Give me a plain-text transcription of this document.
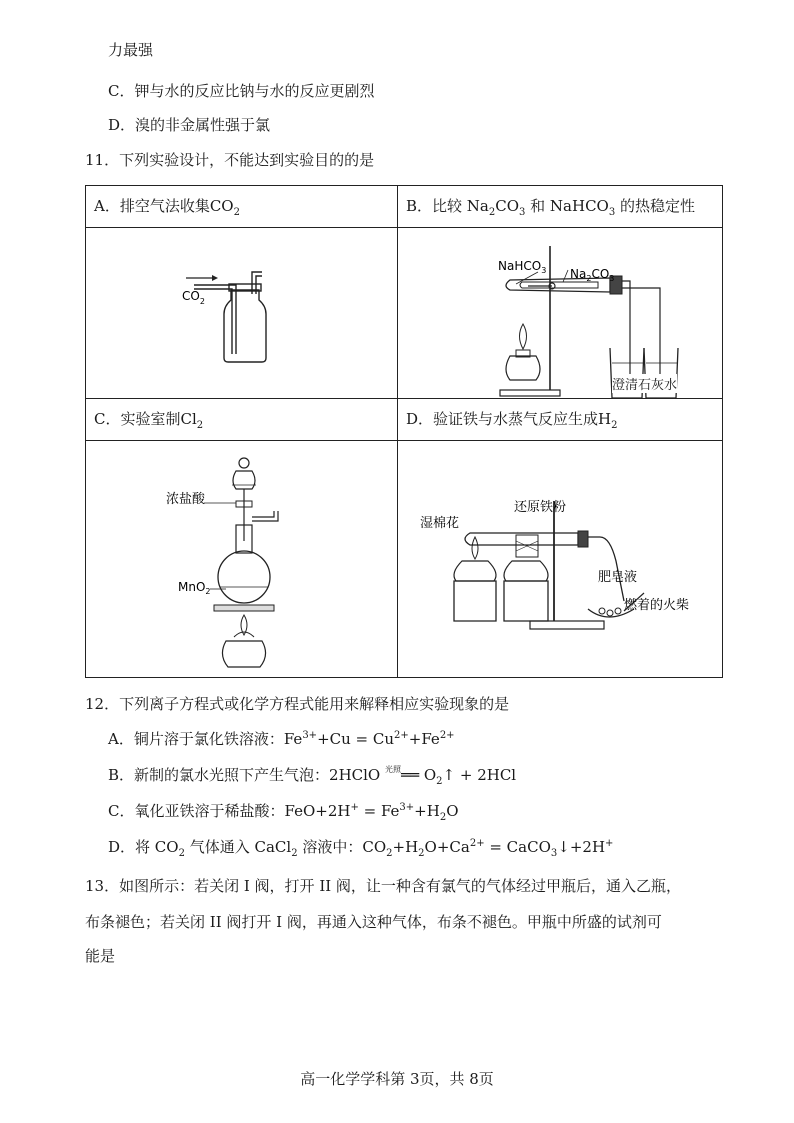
力最强
C．钾与水的反应比钠与水的反应更剧烈
D．溴的非金属性强于氯
11．下列实验设计，不能达到实验目的的是
A．排空气法收集$CO_2$	B．比较 $Na_2CO_3$ 和 NaHCO$_3$ 的热稳定性

$CO_2$	NaHCO$_3$ $Na_2CO_3$
澄清石灰水

C．实验室制$Cl_2$	D．验证铁与水蒸气反应生成$H_2$

浓盐酸
MnO$_2$	还原铁粉
湿棉花
肥皂液
燃着的火柴
12．下列离子方程式或化学方程式能用来解释相应实验现象的是
A．铜片溶于氯化铁溶液：$Fe^{3+}+Cu = Cu^{2+}+Fe^{2+}$
B．新制的氯水光照下产生气泡：2HClO $^{光照}$══ $O_2↑ + 2HCl$
C．氧化亚铁溶于稀盐酸：$FeO+2H^+ = Fe^{3+}+H_2O$
D．将 $CO_2$ 气体通入 CaCl$_2$ 溶液中：$CO_2+H_2O+Ca^{2+}$ = CaCO$_3$↓+2H+
13．如图所示：若关闭 I 阀，打开 II 阀，让一种含有氯气的气体经过甲瓶后，通入乙瓶，
布条褪色；若关闭 II 阀打开 I 阀，再通入这种气体，布条不褪色。甲瓶中所盛的试剂可
能是
高一化学学科第 3页，共 8页
